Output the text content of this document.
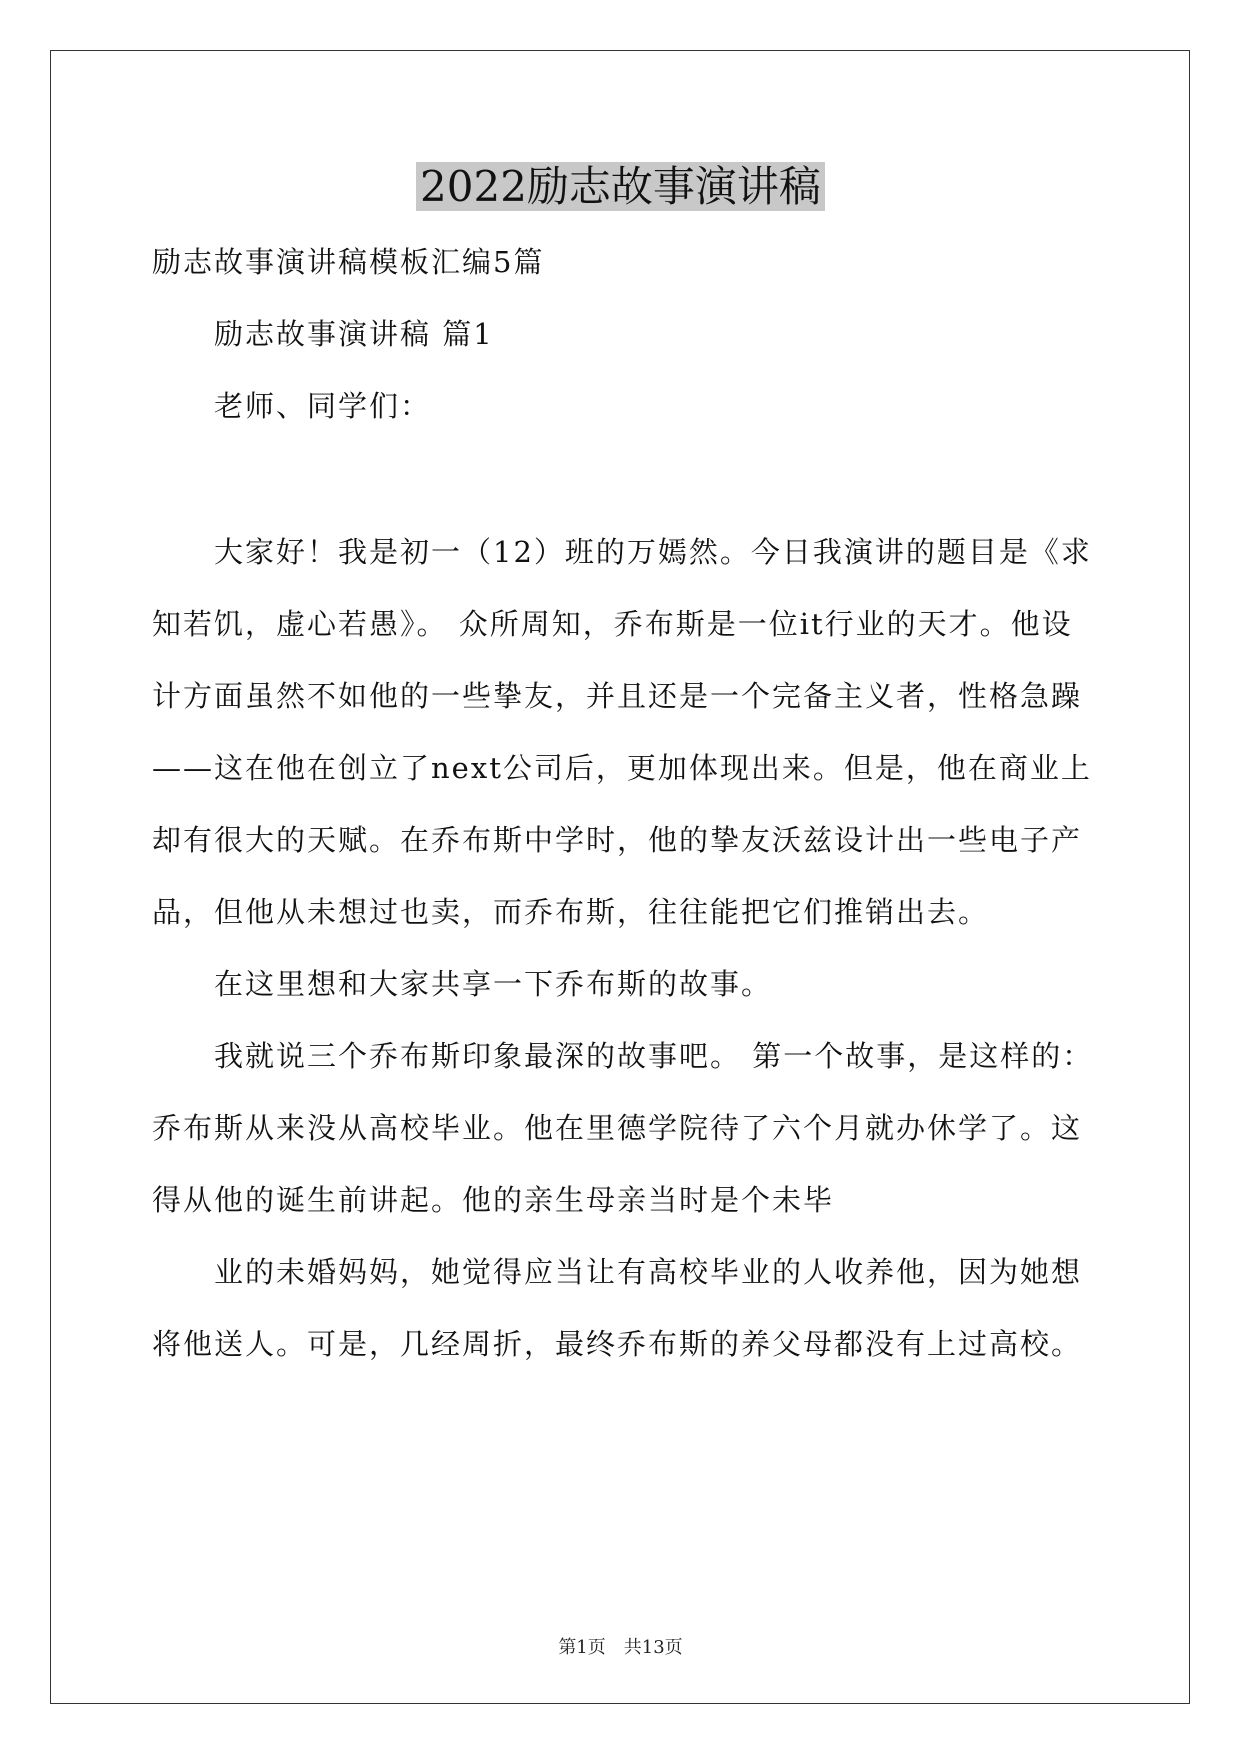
2022励志故事演讲稿
励志故事演讲稿模板汇编5篇
励志故事演讲稿 篇1
老师、同学们：
大家好！我是初一（12）班的万嫣然。今日我演讲的题目是《求
知若饥，虚心若愚》。 众所周知，乔布斯是一位it行业的天才。他设
计方面虽然不如他的一些挚友，并且还是一个完备主义者，性格急躁
——这在他在创立了next公司后，更加体现出来。但是，他在商业上
却有很大的天赋。在乔布斯中学时，他的挚友沃兹设计出一些电子产
品，但他从未想过也卖，而乔布斯，往往能把它们推销出去。
在这里想和大家共享一下乔布斯的故事。
我就说三个乔布斯印象最深的故事吧。 第一个故事，是这样的：
乔布斯从来没从高校毕业。他在里德学院待了六个月就办休学了。这
得从他的诞生前讲起。他的亲生母亲当时是个未毕
业的未婚妈妈，她觉得应当让有高校毕业的人收养他，因为她想
将他送人。可是，几经周折，最终乔布斯的养父母都没有上过高校。
第1页　共13页
